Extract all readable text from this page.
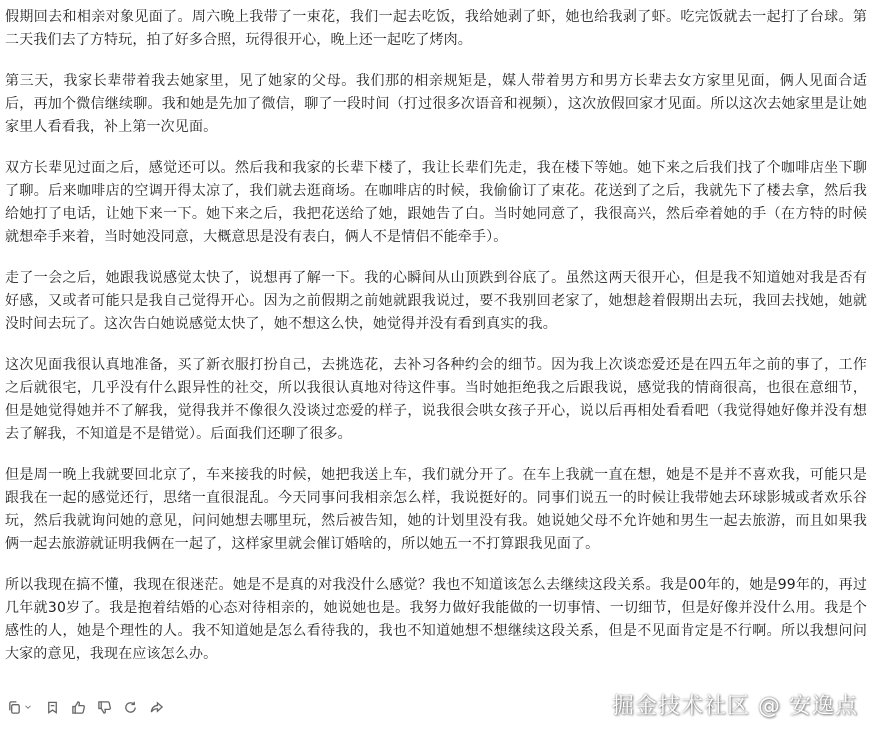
假期回去和相亲对象见面了。周六晚上我带了一束花，我们一起去吃饭，我给她剥了虾，她也给我剥了虾。吃完饭就去一起打了台球。第二天我们去了方特玩，拍了好多合照，玩得很开心，晚上还一起吃了烤肉。

第三天，我家长辈带着我去她家里，见了她家的父母。我们那的相亲规矩是，媒人带着男方和男方长辈去女方家里见面，俩人见面合适后，再加个微信继续聊。我和她是先加了微信，聊了一段时间（打过很多次语音和视频），这次放假回家才见面。所以这次去她家里是让她家里人看看我，补上第一次见面。

双方长辈见过面之后，感觉还可以。然后我和我家的长辈下楼了，我让长辈们先走，我在楼下等她。她下来之后我们找了个咖啡店坐下聊了聊。后来咖啡店的空调开得太凉了，我们就去逛商场。在咖啡店的时候，我偷偷订了束花。花送到了之后，我就先下了楼去拿，然后我给她打了电话，让她下来一下。她下来之后，我把花送给了她，跟她告了白。当时她同意了，我很高兴，然后牵着她的手（在方特的时候就想牵手来着，当时她没同意，大概意思是没有表白，俩人不是情侣不能牵手）。

走了一会之后，她跟我说感觉太快了，说想再了解一下。我的心瞬间从山顶跌到谷底了。虽然这两天很开心，但是我不知道她对我是否有好感，又或者可能只是我自己觉得开心。因为之前假期之前她就跟我说过，要不我别回老家了，她想趁着假期出去玩，我回去找她，她就没时间去玩了。这次告白她说感觉太快了，她不想这么快，她觉得并没有看到真实的我。

这次见面我很认真地准备，买了新衣服打扮自己，去挑选花，去补习各种约会的细节。因为我上次谈恋爱还是在四五年之前的事了，工作之后就很宅，几乎没有什么跟异性的社交，所以我很认真地对待这件事。当时她拒绝我之后跟我说，感觉我的情商很高，也很在意细节，但是她觉得她并不了解我，觉得我并不像很久没谈过恋爱的样子，说我很会哄女孩子开心，说以后再相处看看吧（我觉得她好像并没有想去了解我，不知道是不是错觉）。后面我们还聊了很多。

但是周一晚上我就要回北京了，车来接我的时候，她把我送上车，我们就分开了。在车上我就一直在想，她是不是并不喜欢我，可能只是跟我在一起的感觉还行，思绪一直很混乱。今天同事问我相亲怎么样，我说挺好的。同事们说五一的时候让我带她去环球影城或者欢乐谷玩，然后我就询问她的意见，问问她想去哪里玩，然后被告知，她的计划里没有我。她说她父母不允许她和男生一起去旅游，而且如果我俩一起去旅游就证明我俩在一起了，这样家里就会催订婚啥的，所以她五一不打算跟我见面了。

所以我现在搞不懂，我现在很迷茫。她是不是真的对我没什么感觉？我也不知道该怎么去继续这段关系。我是00年的，她是99年的，再过几年就30岁了。我是抱着结婚的心态对待相亲的，她说她也是。我努力做好我能做的一切事情、一切细节，但是好像并没什么用。我是个感性的人，她是个理性的人。我不知道她是怎么看待我的，我也不知道她想不想继续这段关系，但是不见面肯定是不行啊。所以我想问问大家的意见，我现在应该怎么办。

掘金技术社区 @ 安逸点
